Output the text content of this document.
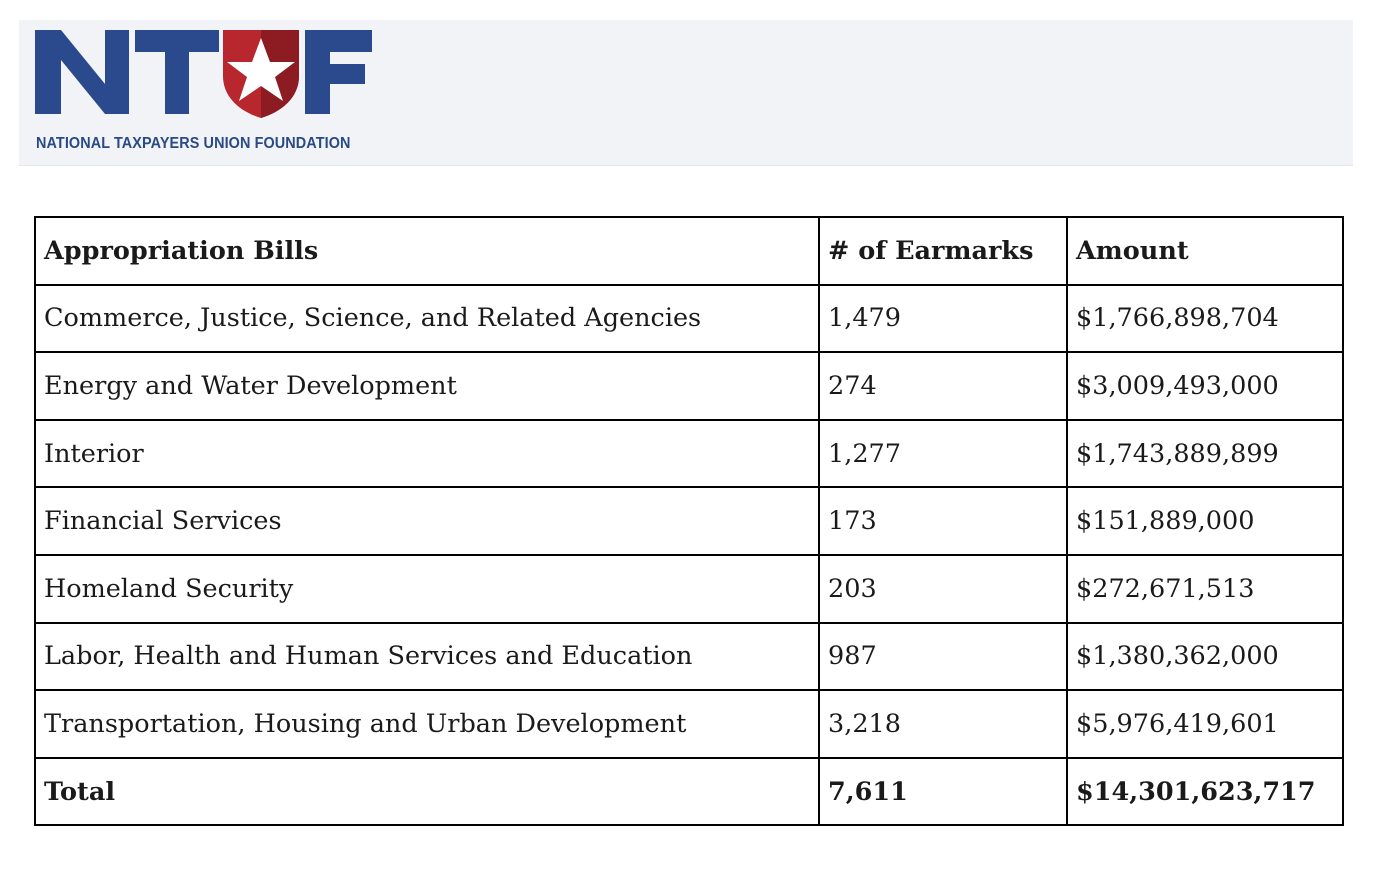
NATIONAL TAXPAYERS UNION FOUNDATION
Appropriation Bills	# of Earmarks	Amount
Commerce, Justice, Science, and Related Agencies	1,479	$1,766,898,704
Energy and Water Development	274	$3,009,493,000
Interior	1,277	$1,743,889,899
Financial Services	173	$151,889,000
Homeland Security	203	$272,671,513
Labor, Health and Human Services and Education	987	$1,380,362,000
Transportation, Housing and Urban Development	3,218	$5,976,419,601
Total	7,611	$14,301,623,717
